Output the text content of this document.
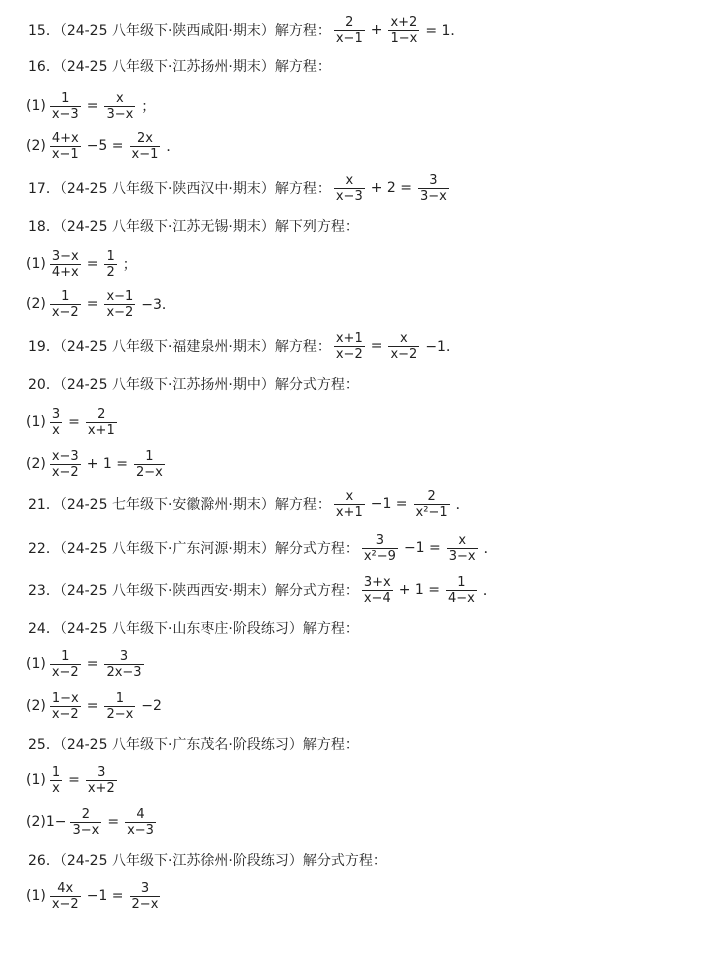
15．（24-25 八年级下·陕西咸阳·期末）解方程： $\frac{2}{x-1} + \frac{x+2}{1-x} = 1$．
16．（24-25 八年级下·江苏扬州·期末）解方程：
$(1) \frac{1}{x-3} = \frac{x}{3-x}$ ；
$(2) \frac{4+x}{x-1} -5 = \frac{2x}{x-1}$ ．
17．（24-25 八年级下·陕西汉中·期末）解方程： $\frac{x}{x-3} + 2 = \frac{3}{3-x}$
18．（24-25 八年级下·江苏无锡·期末）解下列方程：
$(1) \frac{3-x}{4+x} = \frac{1}{2}$ ；
$(2) \frac{1}{x-2} = \frac{x-1}{x-2} -3$．
19．（24-25 八年级下·福建泉州·期末）解方程： $\frac{x+1}{x-2} = \frac{x}{x-2} -1$．
20．（24-25 八年级下·江苏扬州·期中）解分式方程：
$(1) \frac{3}{x} = \frac{2}{x+1}$
$(2) \frac{x-3}{x-2} + 1 = \frac{1}{2-x}$
21．（24-25 七年级下·安徽滁州·期末）解方程： $\frac{x}{x+1} -1 = \frac{2}{\text{x²−1}}$ ．
22．（24-25 八年级下·广东河源·期末）解分式方程： $\frac{3}{\text{x²−9}} -1 = \frac{x}{3-x}$ ．
23．（24-25 八年级下·陕西西安·期末）解分式方程： $\frac{3+x}{x-4} + 1 = \frac{1}{4-x}$ ．
24．（24-25 八年级下·山东枣庄·阶段练习）解方程：
$(1) \frac{1}{x-2} = \frac{3}{2x-3}$
$(2) \frac{1-x}{x-2} = \frac{1}{2-x} -2$
25．（24-25 八年级下·广东茂名·阶段练习）解方程：
$(1) \frac{1}{x} = \frac{3}{x+2}$
$(2)1- \frac{2}{3-x} = \frac{4}{x-3}$
26．（24-25 八年级下·江苏徐州·阶段练习）解分式方程：
$(1) \frac{4x}{x-2} -1 = \frac{3}{2-x}$
